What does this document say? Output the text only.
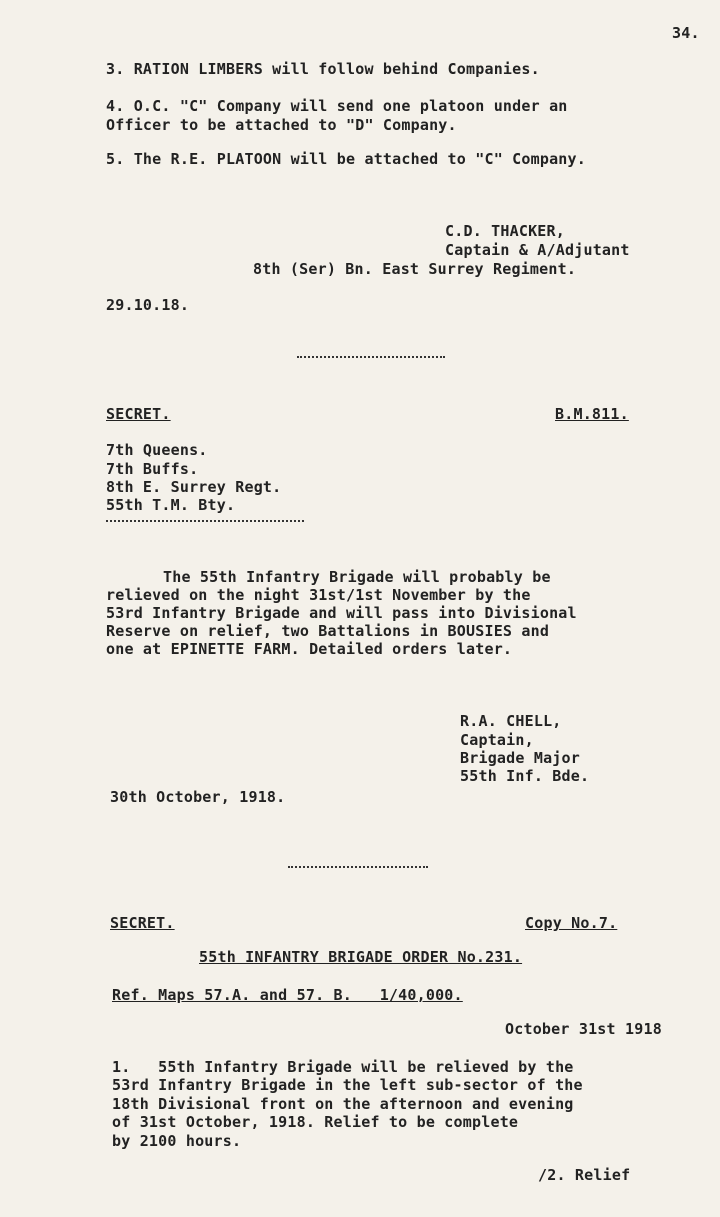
34.
3. RATION LIMBERS will follow behind Companies.
4. O.C. "C" Company will send one platoon under an
Officer to be attached to "D" Company.
5. The R.E. PLATOON will be attached to "C" Company.
C.D. THACKER,
Captain & A/Adjutant
8th (Ser) Bn. East Surrey Regiment.
29.10.18.
SECRET.	B.M.811.
7th Queens.
7th Buffs.
8th E. Surrey Regt.
55th T.M. Bty.
The 55th Infantry Brigade will probably be
relieved on the night 31st/1st November by the
53rd Infantry Brigade and will pass into Divisional
Reserve on relief, two Battalions in BOUSIES and
one at EPINETTE FARM. Detailed orders later.
R.A. CHELL,
Captain,
Brigade Major
55th Inf. Bde.
30th October, 1918.
SECRET.	Copy No.7.
55th INFANTRY BRIGADE ORDER No.231.
Ref. Maps 57.A. and 57. B.   1/40,000.
October 31st 1918
1.   55th Infantry Brigade will be relieved by the
53rd Infantry Brigade in the left sub-sector of the
18th Divisional front on the afternoon and evening
of 31st October, 1918. Relief to be complete
by 2100 hours.
/2. Relief
